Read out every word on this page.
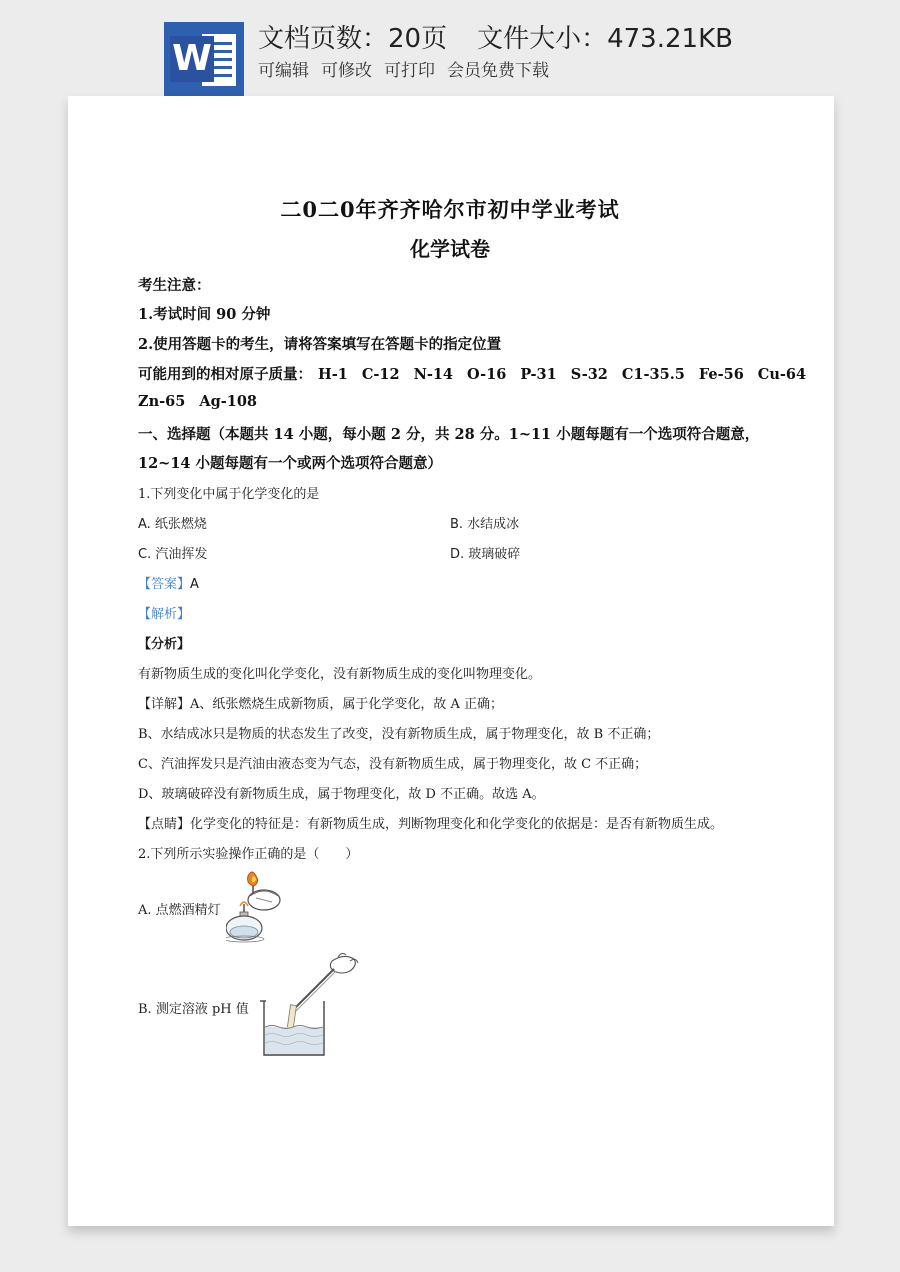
W 文档页数：20页 文件大小：473.21KB
可编辑 可修改 可打印 会员免费下载
二0二0年齐齐哈尔市初中学业考试
化学试卷
考生注意：
1.考试时间 90 分钟
2.使用答题卡的考生，请将答案填写在答题卡的指定位置
可能用到的相对原子质量： H-1 C-12 N-14 O-16 P-31 S-32 C1-35.5 Fe-56 Cu-64
Zn-65 Ag-108
一、选择题（本题共 14 小题，每小题 2 分，共 28 分。1~11 小题每题有一个选项符合题意，
12~14 小题每题有一个或两个选项符合题意）
1.下列变化中属于化学变化的是
A. 纸张燃烧	B. 水结成冰
C. 汽油挥发	D. 玻璃破碎
【答案】A
【解析】
【分析】
有新物质生成的变化叫化学变化，没有新物质生成的变化叫物理变化。
【详解】A、纸张燃烧生成新物质，属于化学变化，故 A 正确；
B、水结成冰只是物质的状态发生了改变，没有新物质生成，属于物理变化，故 B 不正确；
C、汽油挥发只是汽油由液态变为气态，没有新物质生成，属于物理变化，故 C 不正确；
D、玻璃破碎没有新物质生成，属于物理变化，故 D 不正确。故选 A。
【点睛】化学变化的特征是：有新物质生成，判断物理变化和化学变化的依据是：是否有新物质生成。
2.下列所示实验操作正确的是（　　）
A. 点燃酒精灯
B. 测定溶液 pH 值
